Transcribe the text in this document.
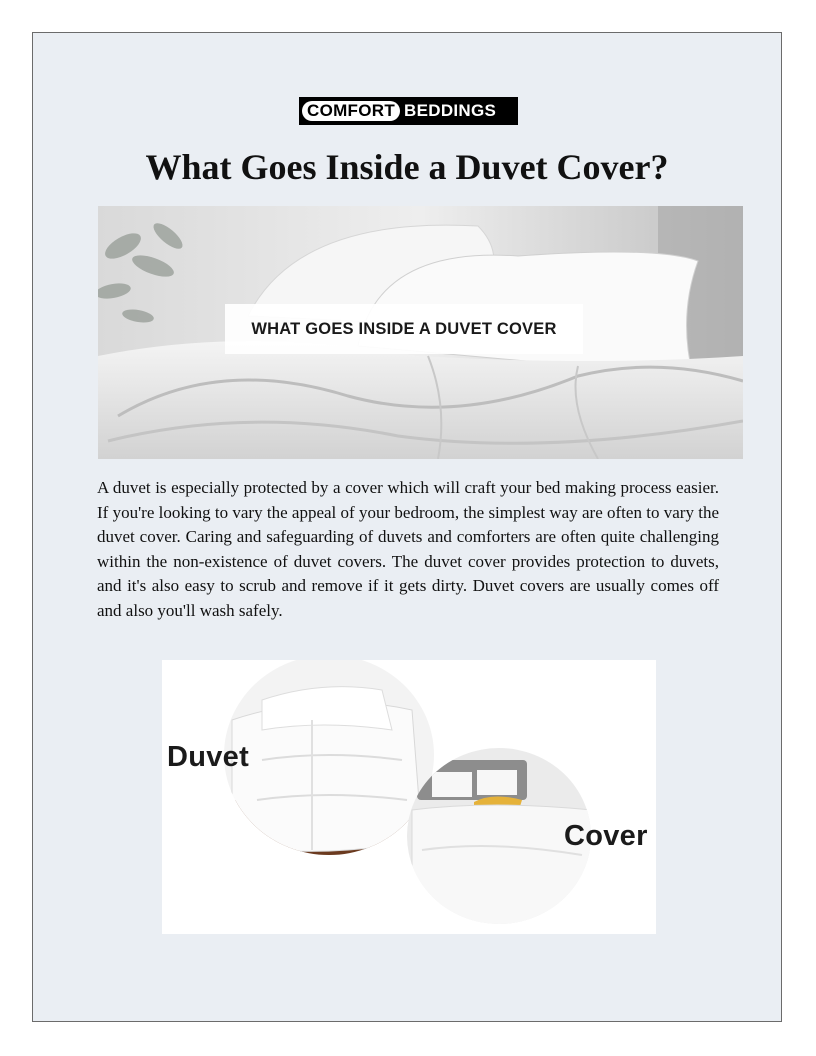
COMFORT BEDDINGS
What Goes Inside a Duvet Cover?
WHAT GOES INSIDE A DUVET COVER

A duvet is especially protected by a cover which will craft your bed making process easier. If you're looking to vary the appeal of your bedroom, the simplest way are often to vary the duvet cover. Caring and safeguarding of duvets and comforters are often quite challenging within the non-existence of duvet covers. The duvet cover provides protection to duvets, and it's also easy to scrub and remove if it gets dirty. Duvet covers are usually comes off and also you'll wash safely.

Duvet
Cover
